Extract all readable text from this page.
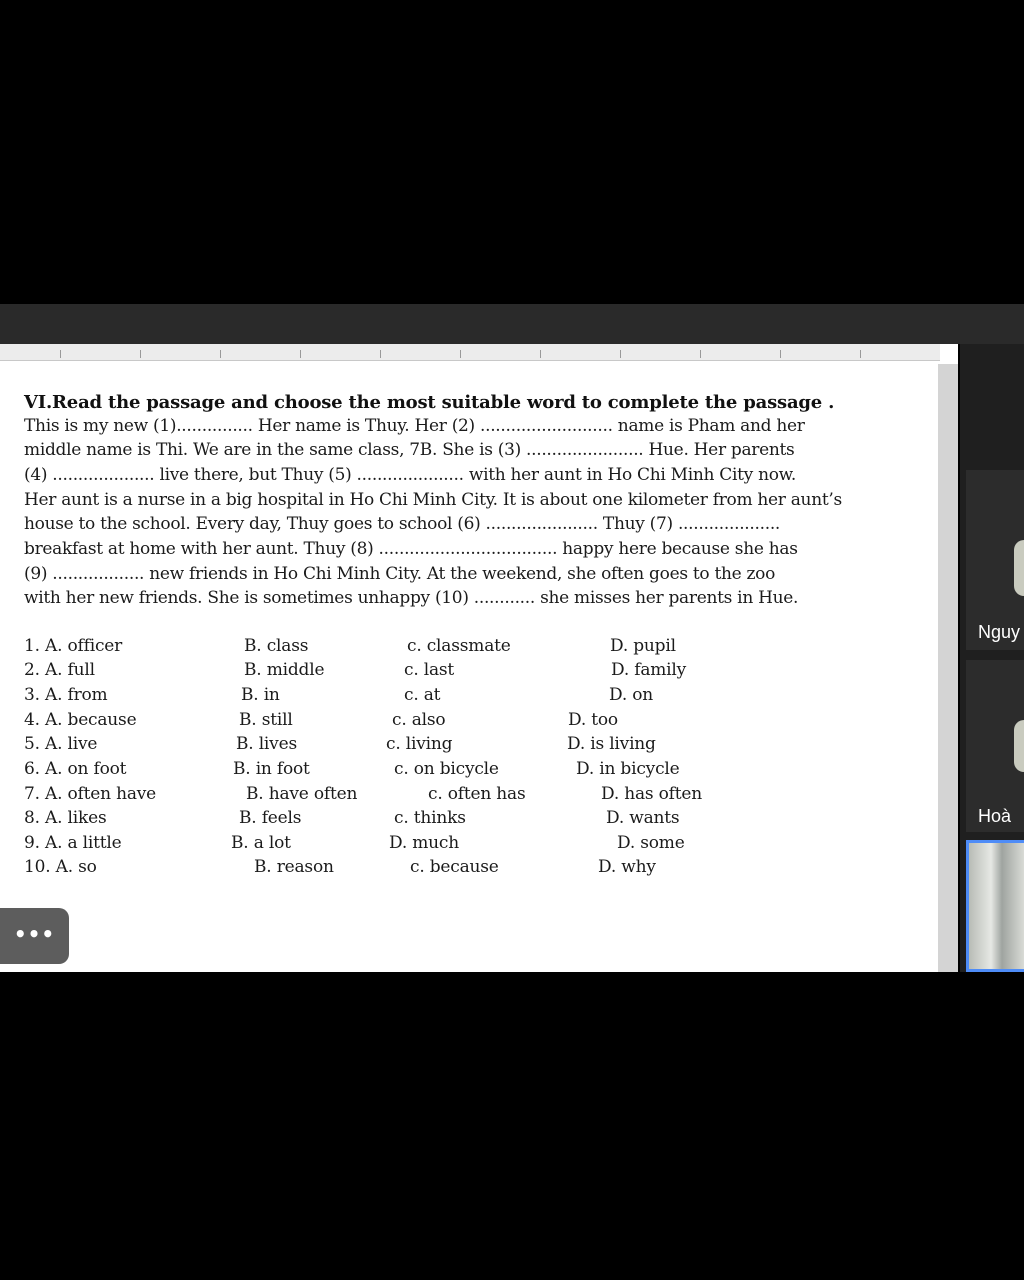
VI.Read the passage and choose the most suitable word to complete the passage .
This is my new (1)............... Her name is Thuy. Her (2) .......................... name is Pham and her
middle name is Thi. We are in the same class, 7B. She is (3) ....................... Hue. Her parents
(4) .................... live there, but Thuy (5) ..................... with her aunt in Ho Chi Minh City now.
Her aunt is a nurse in a big hospital in Ho Chi Minh City. It is about one kilometer from her aunt’s
house to the school. Every day, Thuy goes to school (6) ...................... Thuy (7) ....................
breakfast at home with her aunt. Thuy (8) ................................... happy here because she has
(9) .................. new friends in Ho Chi Minh City. At the weekend, she often goes to the zoo
with her new friends. She is sometimes unhappy (10) ............ she misses her parents in Hue.
1. A. officer	B. class	c. classmate	D. pupil
2. A. full	B. middle	c. last	D. family
3. A. from	B. in	c. at	D. on
4. A. because	B. still	c. also	D. too
5. A. live	B. lives	c. living	D. is living
6. A. on foot	B. in foot	c. on bicycle	D. in bicycle
7. A. often have	B. have often	c. often has	D. has often
8. A. likes	B. feels	c. thinks	D. wants
9. A. a little	B. a lot	D. much	D. some
10. A. so	B. reason	c. because	D. why
•••
Nguy
Hoà
